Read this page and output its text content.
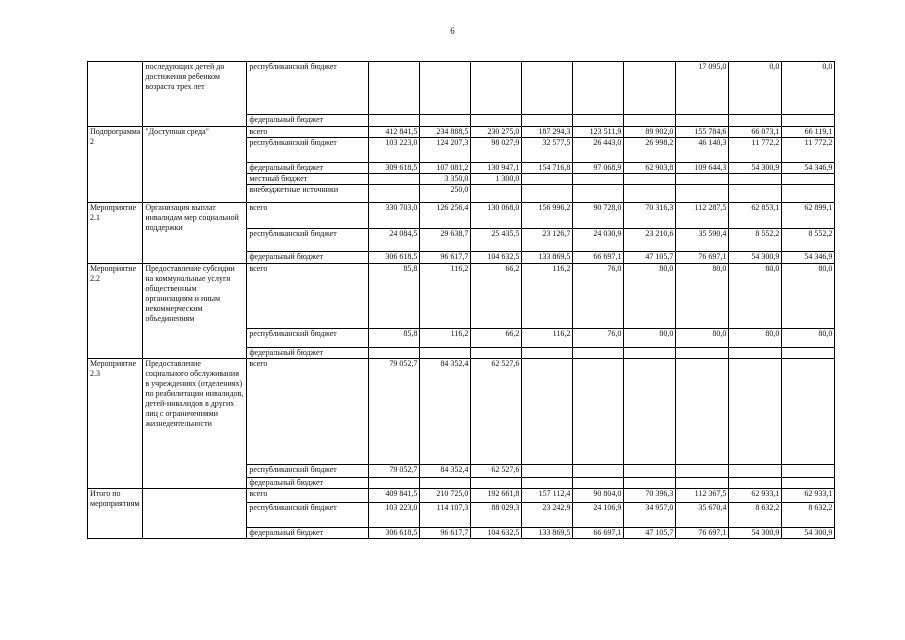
6
	последующих детей до достижения ребенком возраста трех лет	республиканский бюджет							17 095,0	0,0	0,0
		федеральный бюджет									
Подпрограмма 2	"Доступная среда"	всего	412 841,5	234 888,5	230 275,0	187 294,3	123 511,9	89 902,0	155 784,6	66 073,1	66 119,1
		республиканский бюджет	103 223,0	124 207,3	98 027,9	32 577,5	26 443,0	26 998,2	46 140,3	11 772,2	11 772,2
		федеральный бюджет	309 618,5	107 081,2	130 947,1	154 716,8	97 068,9	62 903,8	109 644,3	54 300,9	54 346,9
		местный бюджет		3 350,0	1 300,0						
		внебюджетные источники		250,0							
Мероприятие 2.1	Организация выплат инвалидам мер социальной поддержки	всего	330 703,0	126 256,4	130 068,0	156 996,2	90 728,0	70 316,3	112 287,5	62 853,1	62 899,1
		республиканский бюджет	24 084,5	29 638,7	25 435,5	23 126,7	24 030,9	23 210,6	35 590,4	8 552,2	8 552,2
		федеральный бюджет	306 618,5	96 617,7	104 632,5	133 869,5	66 697,1	47 105,7	76 697,1	54 300,9	54 346,9
Мероприятие 2.2	Предоставление субсидии на коммунальные услуги общественным организациям и иным некоммерческим объединениям	всего	85,8	116,2	66,2	116,2	76,0	80,0	80,0	80,0	80,0
		республиканский бюджет	85,8	116,2	66,2	116,2	76,0	80,0	80,0	80,0	80,0
		федеральный бюджет									
Мероприятие 2.3	Предоставление социального обслуживания в учреждениях (отделениях) по реабилитации инвалидов, детей-инвалидов в других лиц с ограничениями жизнедеятельности	всего	79 052,7	84 352,4	62 527,6						
		республиканский бюджет	79 052,7	84 352,4	62 527,6						
		федеральный бюджет									
Итого по мероприятиям		всего	409 841,5	210 725,0	192 661,8	157 112,4	90 804,0	70 396,3	112 367,5	62 933,1	62 933,1
		республиканский бюджет	103 223,0	114 107,3	88 029,3	23 242,9	24 106,9	34 957,0	35 670,4	8 632,2	8 632,2
		федеральный бюджет	306 618,5	96 617,7	104 632,5	133 869,5	66 697,1	47 105,7	76 697,1	54 300,9	54 300,9
